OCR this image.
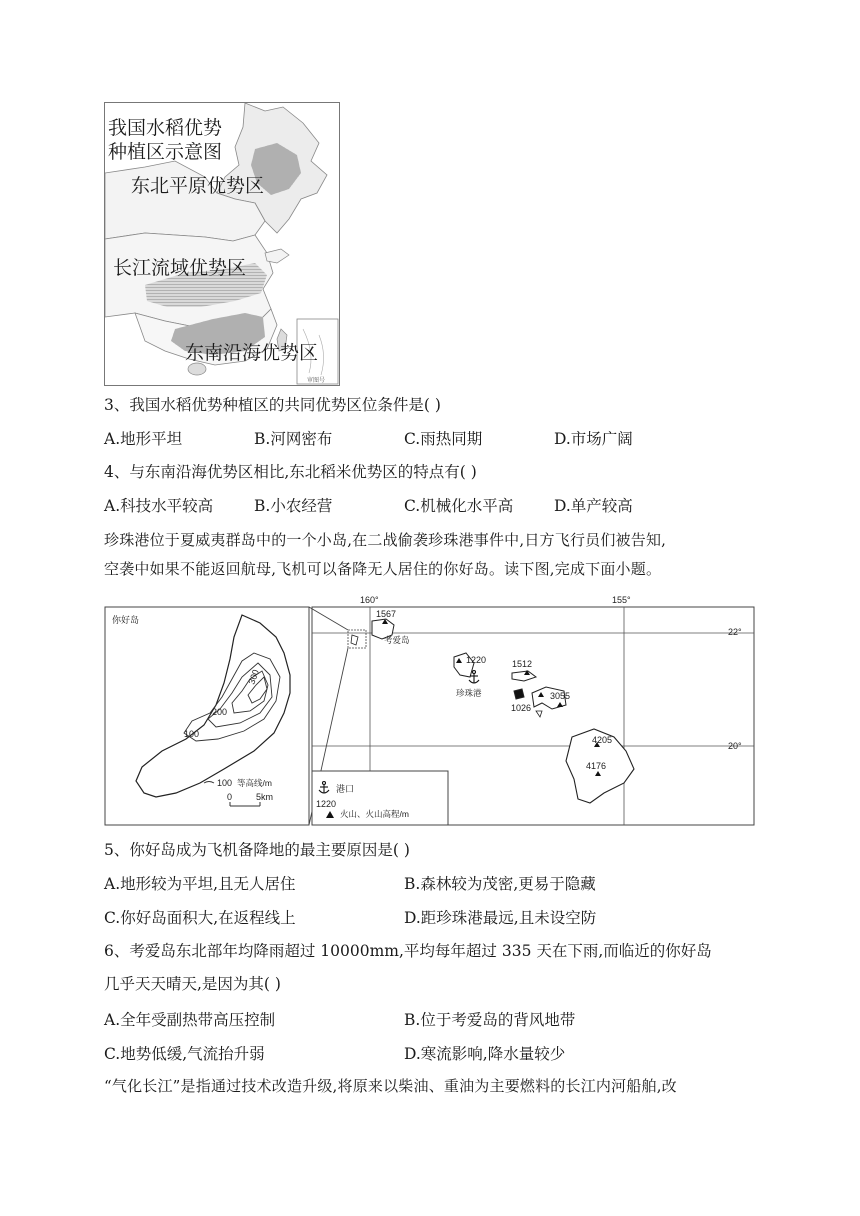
我国水稻优势
种植区示意图
东北平原优势区
长江流域优势区
东南沿海优势区
审图号
3、我国水稻优势种植区的共同优势区位条件是( )
A.地形平坦	B.河网密布	C.雨热同期	D.市场广阔
4、与东南沿海优势区相比,东北稻米优势区的特点有( )
A.科技水平较高	B.小农经营	C.机械化水平高	D.单产较高
珍珠港位于夏威夷群岛中的一个小岛,在二战偷袭珍珠港事件中,日方飞行员们被告知,
空袭中如果不能返回航母,飞机可以备降无人居住的你好岛。读下图,完成下面小题。
你好岛
100
200
300
100 等高线/m
0	5km
160°	155°
22°
20°
1567
考爱岛
1220
珍珠港
1512
3055
1026
4205
4176
港口
1220
火山、火山高程/m
5、你好岛成为飞机备降地的最主要原因是( )
A.地形较为平坦,且无人居住	B.森林较为茂密,更易于隐藏
C.你好岛面积大,在返程线上	D.距珍珠港最远,且未设空防
6、考爱岛东北部年均降雨超过 10000mm,平均每年超过 335 天在下雨,而临近的你好岛
几乎天天晴天,是因为其( )
A.全年受副热带高压控制	B.位于考爱岛的背风地带
C.地势低缓,气流抬升弱	D.寒流影响,降水量较少
“气化长江”是指通过技术改造升级,将原来以柴油、重油为主要燃料的长江内河船舶,改
